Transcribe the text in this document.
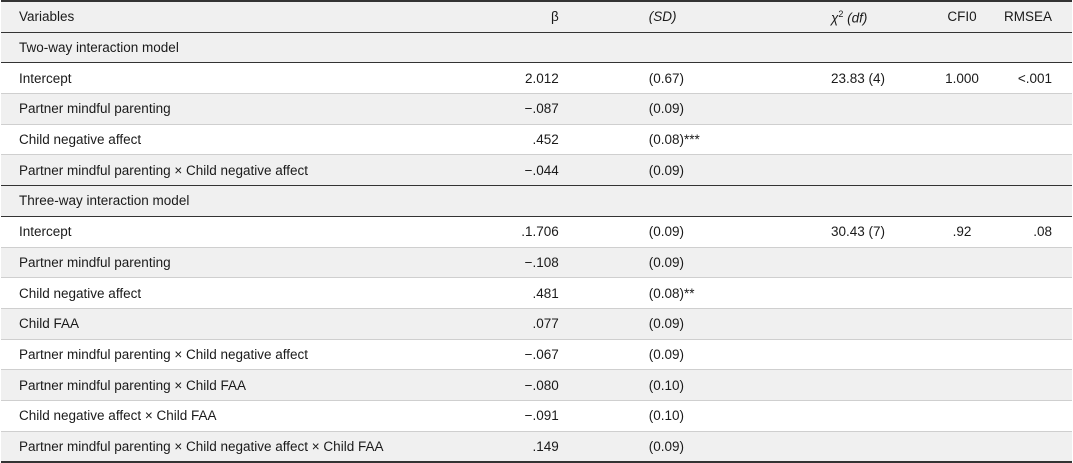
Variables	β	(SD)	$\chi^2$ (df)	CFI0	RMSEA
Two-way interaction model					
Intercept	2.012	(0.67)	23.83 (4)	1.000	<.001
Partner mindful parenting	−.087	(0.09)			
Child negative affect	.452	(0.08)***			
Partner mindful parenting × Child negative affect	−.044	(0.09)			
Three-way interaction model					
Intercept	.1.706	(0.09)	30.43 (7)	.92	.08
Partner mindful parenting	−.108	(0.09)			
Child negative affect	.481	(0.08)**			
Child FAA	.077	(0.09)			
Partner mindful parenting × Child negative affect	−.067	(0.09)			
Partner mindful parenting × Child FAA	−.080	(0.10)			
Child negative affect × Child FAA	−.091	(0.10)			
Partner mindful parenting × Child negative affect × Child FAA	.149	(0.09)			
